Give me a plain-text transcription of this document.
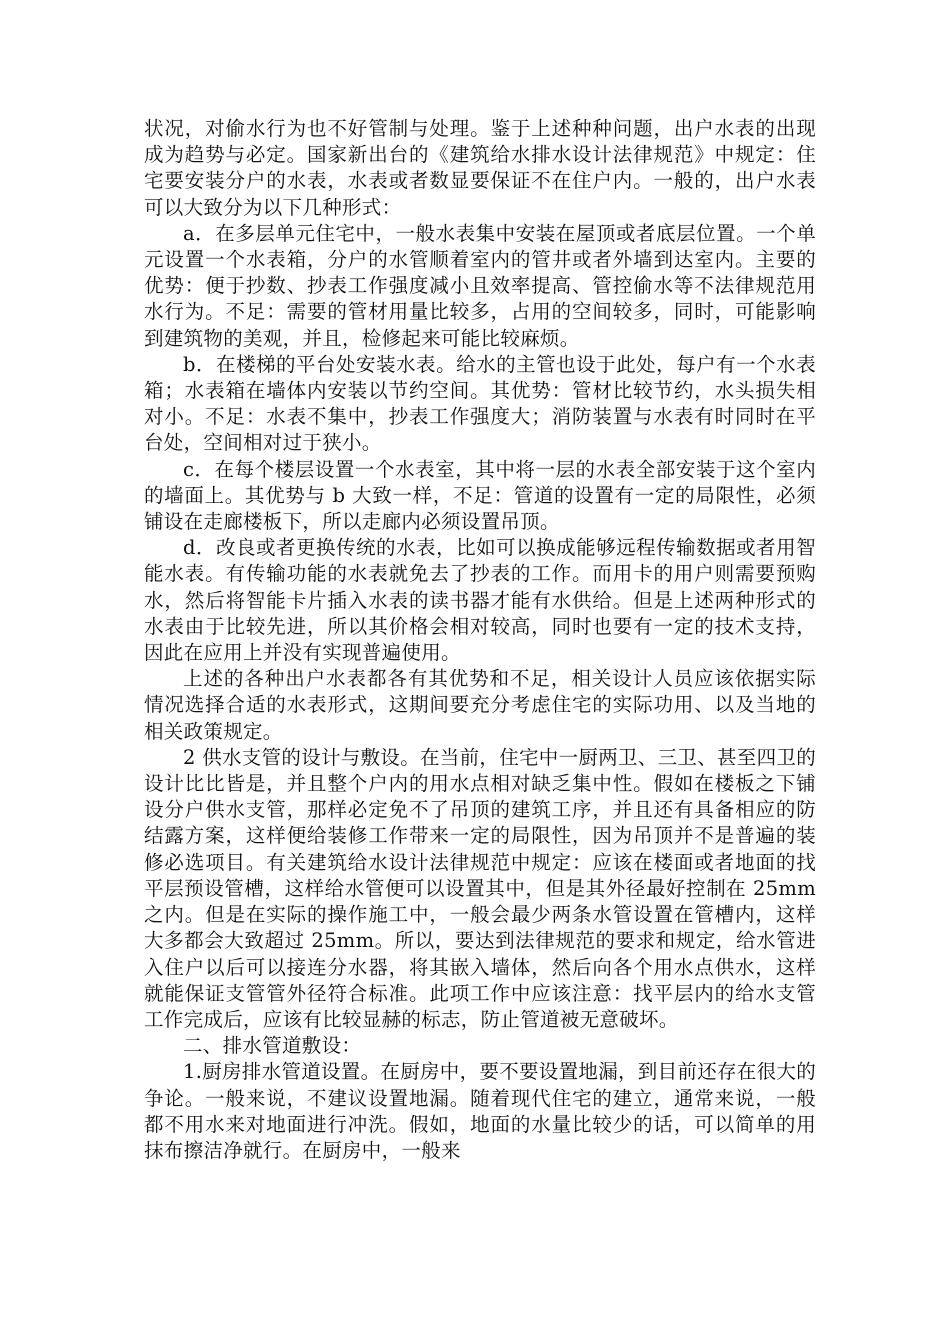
状况，对偷水行为也不好管制与处理。鉴于上述种种问题，出户水表的出现成为趋势与必定。国家新出台的《建筑给水排水设计法律规范》中规定：住宅要安装分户的水表，水表或者数显要保证不在住户内。一般的，出户水表可以大致分为以下几种形式：

a．在多层单元住宅中，一般水表集中安装在屋顶或者底层位置。一个单元设置一个水表箱，分户的水管顺着室内的管井或者外墙到达室内。主要的优势：便于抄数、抄表工作强度减小且效率提高、管控偷水等不法律规范用水行为。不足：需要的管材用量比较多，占用的空间较多，同时，可能影响到建筑物的美观，并且，检修起来可能比较麻烦。

b．在楼梯的平台处安装水表。给水的主管也设于此处，每户有一个水表箱；水表箱在墙体内安装以节约空间。其优势：管材比较节约，水头损失相对小。不足：水表不集中，抄表工作强度大；消防装置与水表有时同时在平台处，空间相对过于狭小。

c．在每个楼层设置一个水表室，其中将一层的水表全部安装于这个室内的墙面上。其优势与 b 大致一样，不足：管道的设置有一定的局限性，必须铺设在走廊楼板下，所以走廊内必须设置吊顶。

d．改良或者更换传统的水表，比如可以换成能够远程传输数据或者用智能水表。有传输功能的水表就免去了抄表的工作。而用卡的用户则需要预购水，然后将智能卡片插入水表的读书器才能有水供给。但是上述两种形式的水表由于比较先进，所以其价格会相对较高，同时也要有一定的技术支持，因此在应用上并没有实现普遍使用。

上述的各种出户水表都各有其优势和不足，相关设计人员应该依据实际情况选择合适的水表形式，这期间要充分考虑住宅的实际功用、以及当地的相关政策规定。

2 供水支管的设计与敷设。在当前，住宅中一厨两卫、三卫、甚至四卫的设计比比皆是，并且整个户内的用水点相对缺乏集中性。假如在楼板之下铺设分户供水支管，那样必定免不了吊顶的建筑工序，并且还有具备相应的防结露方案，这样便给装修工作带来一定的局限性，因为吊顶并不是普遍的装修必选项目。有关建筑给水设计法律规范中规定：应该在楼面或者地面的找平层预设管槽，这样给水管便可以设置其中，但是其外径最好控制在 25mm 之内。但是在实际的操作施工中，一般会最少两条水管设置在管槽内，这样大多都会大致超过 25mm。所以，要达到法律规范的要求和规定，给水管进入住户以后可以接连分水器，将其嵌入墙体，然后向各个用水点供水，这样就能保证支管管外径符合标准。此项工作中应该注意：找平层内的给水支管工作完成后，应该有比较显赫的标志，防止管道被无意破坏。

二、排水管道敷设：

1.厨房排水管道设置。在厨房中，要不要设置地漏，到目前还存在很大的争论。一般来说，不建议设置地漏。随着现代住宅的建立，通常来说，一般都不用水来对地面进行冲洗。假如，地面的水量比较少的话，可以简单的用抹布擦洁净就行。在厨房中，一般来
